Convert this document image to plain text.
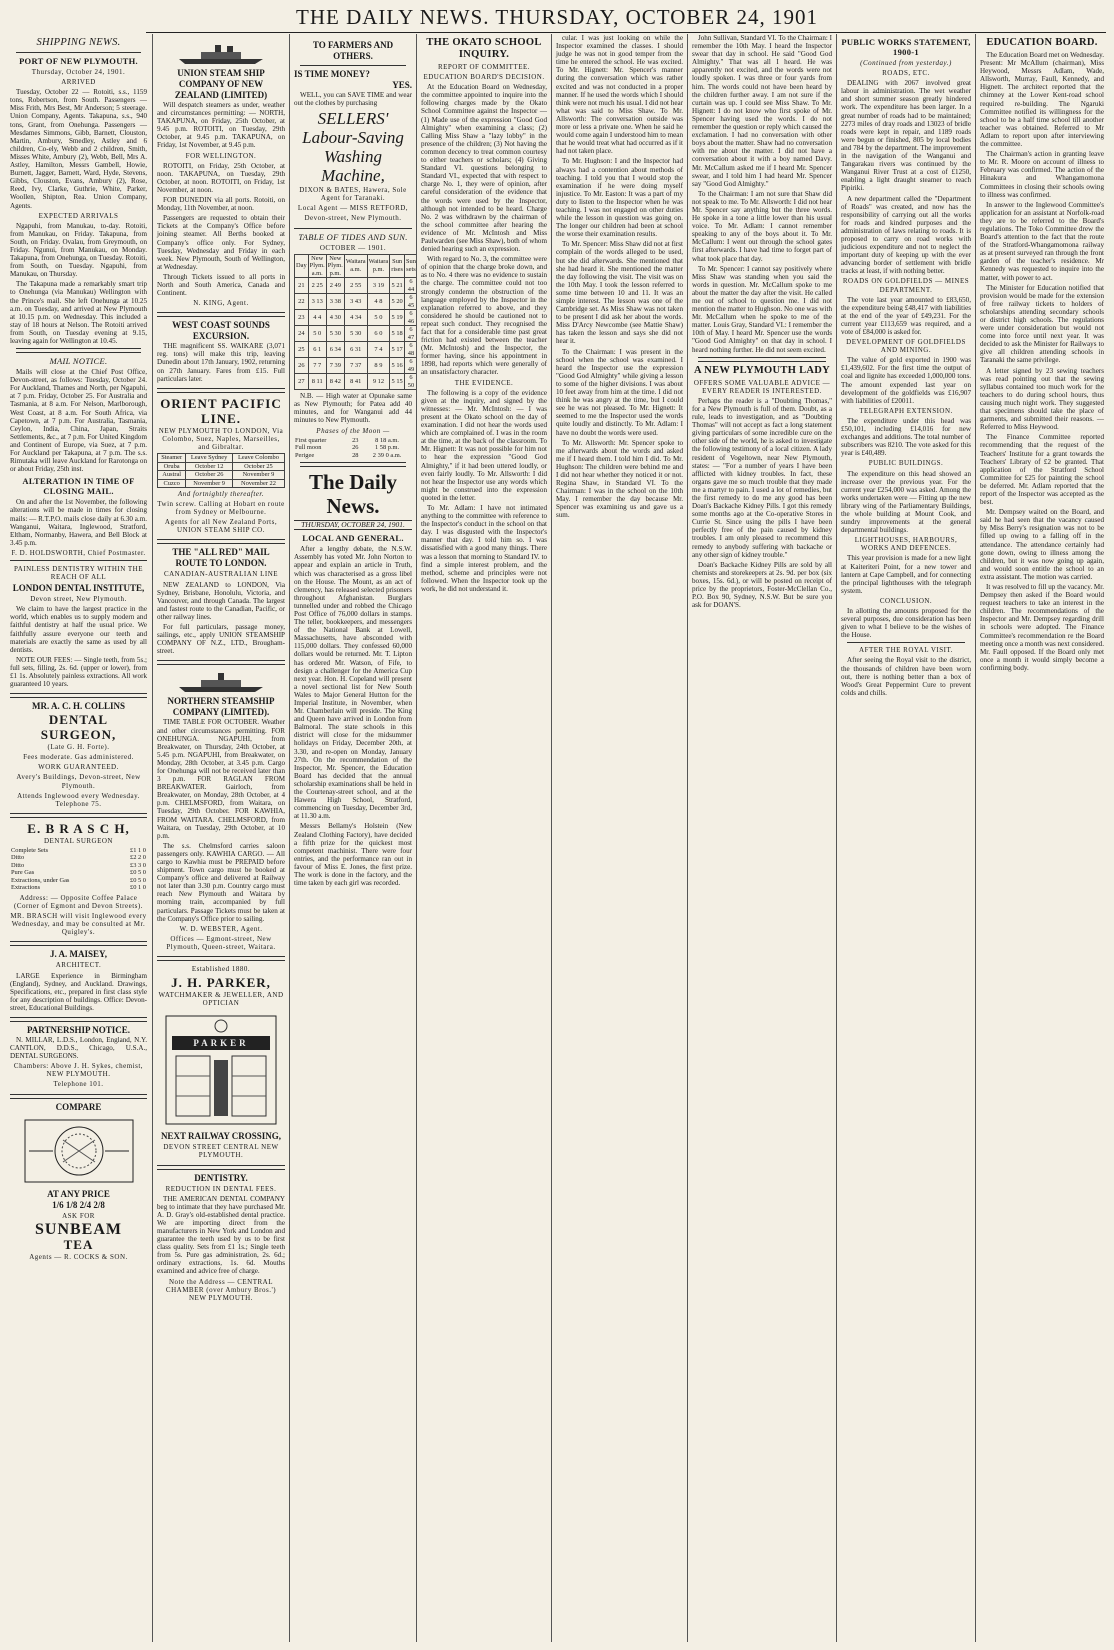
THE DAILY NEWS. THURSDAY, OCTOBER 24, 1901
SHIPPING NEWS.
PORT OF NEW PLYMOUTH.
Thursday, October 24, 1901.
ARRIVED

Tuesday, October 22 — Rotoiti, s.s., 1159 tons, Robertson, from South. Passengers — Miss Frith, Mrs Best, Mr Anderson; 5 steerage. Union Company, Agents. Takapuna, s.s., 940 tons, Grant, from Onehunga. Passengers — Mesdames Simmons, Gibb, Barnett, Clouston, Martin, Ambury, Smedley, Astley and 6 children, Co-ely, Webb and 2 children, Smith, Misses White, Ambury (2), Webb, Bell, Mrs A. Astley, Hamilton, Messrs Gambell, Howie, Burnett, Jagger, Barnett, Ward, Hyde, Stevens, Gibbs, Clouston, Evans, Ambury (2), Rose, Reed, Ivy, Clarke, Guthrie, White, Parker, Woollen, Shipton, Rea. Union Company, Agents.

EXPECTED ARRIVALS

Ngapuhi, from Manukau, to-day. Rotoiti, from Manukau, on Friday. Takapuna, from South, on Friday. Ovalau, from Greymouth, on Friday. Ngunui, from Manukau, on Monday. Takapuna, from Onehunga, on Tuesday. Rotoiti, from South, on Tuesday. Ngapuhi, from Manukau, on Thursday.

The Takapuna made a remarkably smart trip to Onehunga (via Manukau) Wellington with the Prince's mail. She left Onehunga at 10.25 a.m. on Tuesday, and arrived at New Plymouth at 10.15 p.m. on Wednesday. This included a stay of 18 hours at Nelson. The Rotoiti arrived from South, on Tuesday evening at 9.15, leaving again for Wellington at 10.45.

MAIL NOTICE.

Mails will close at the Chief Post Office, Devon-street, as follows: Tuesday, October 24. For Auckland, Thames and North, per Ngapuhi, at 7 p.m. Friday, October 25. For Australia and Tasmania, at 8 a.m. For Nelson, Marlborough, West Coast, at 8 a.m. For South Africa, via Capetown, at 7 p.m. For Australia, Tasmania, Ceylon, India, China, Japan, Straits Settlements, &c., at 7 p.m. For United Kingdom and Continent of Europe, via Suez, at 7 p.m. For Auckland per Takapuna, at 7 p.m. The s.s. Rimutaka will leave Auckland for Rarotonga on or about Friday, 25th inst.

ALTERATION IN TIME OF CLOSING MAIL.

On and after the 1st November, the following alterations will be made in times for closing mails: — R.T.P.O. mails close daily at 6.30 a.m. Wanganui, Waitara, Inglewood, Stratford, Eltham, Normanby, Hawera, and Bell Block at 3.45 p.m.

F. D. HOLDSWORTH, Chief Postmaster.
PAINLESS DENTISTRY WITHIN THE REACH OF ALL
LONDON DENTAL INSTITUTE,
Devon street, New Plymouth.

We claim to have the largest practice in the world, which enables us to supply modern and faithful dentistry at half the usual price. We faithfully assure everyone our teeth and materials are exactly the same as used by all dentists.

NOTE OUR FEES: — Single teeth, from 5s.; full sets, filling, 2s. 6d. (upper or lower), from £1 1s. Absolutely painless extractions. All work guaranteed 10 years.

MR. A. C. H. COLLINS
DENTAL SURGEON,
(Late G. H. Forte).
Fees moderate. Gas administered.
WORK GUARANTEED.
Avery's Buildings, Devon-street, New Plymouth.
Attends Inglewood every Wednesday. Telephone 75.
E. B R A S C H,
DENTAL SURGEON
Complete Sets	£1 1 0
Ditto	£2 2 0
Ditto	£3 3 0
Pure Gas	£0 5 0
Extractions, under Gas	£0 5 0
Extractions	£0 1 0
Address: — Opposite Coffee Palace (Corner of Egmont and Devon Streets).
MR. BRASCH will visit Inglewood every Wednesday, and may be consulted at Mr. Quigley's.
J. A. MAISEY,
ARCHITECT.

LARGE Experience in Birmingham (England), Sydney, and Auckland. Drawings, Specifications, etc., prepared in first class style for any description of buildings. Office: Devon-street, Educational Buildings.

PARTNERSHIP NOTICE.

N. MILLAR, L.D.S., London, England, N.Y. CANTLON, D.D.S., Chicago, U.S.A., DENTAL SURGEONS.

Chambers: Above J. H. Sykes, chemist, NEW PLYMOUTH.
Telephone 101.
COMPARE
AT ANY PRICE
1/6 1/8 2/4 2/8
ASK FOR
SUNBEAM
TEA
Agents — R. COCKS & SON.
UNION STEAM SHIP COMPANY OF NEW ZEALAND (LIMITED)

Will despatch steamers as under, weather and circumstances permitting: — NORTH, TAKAPUNA, on Friday, 25th October, at 9.45 p.m. ROTOITI, on Tuesday, 29th October, at 9.45 p.m. TAKAPUNA, on Friday, 1st November, at 9.45 p.m.

FOR WELLINGTON.

ROTOITI, on Friday, 25th October, at noon. TAKAPUNA, on Tuesday, 29th October, at noon. ROTOITI, on Friday, 1st November, at noon.

FOR DUNEDIN via all ports. Rotoiti, on Monday, 11th November, at noon.

Passengers are requested to obtain their Tickets at the Company's Office before joining steamer. All Berths booked at Company's office only. For Sydney, Tuesday, Wednesday and Friday in each week. New Plymouth, South of Wellington, at Wednesday.

Through Tickets issued to all ports in North and South America, Canada and Continent.

N. KING, Agent.
WEST COAST SOUNDS EXCURSION.

THE magnificent SS. WAIKARE (3,071 reg. tons) will make this trip, leaving Dunedin about 17th January, 1902, returning on 27th January. Fares from £15. Full particulars later.

ORIENT PACIFIC LINE.
NEW PLYMOUTH TO LONDON, Via Colombo, Suez, Naples, Marseilles, and Gibraltar.
Steamer	Leave Sydney	Leave Colombo
Oruba	October 12	October 25
Austral	October 26	November 9
Cuzco	November 9	November 22
And fortnightly thereafter.
Twin screw. Calling at Hobart en route from Sydney or Melbourne.
Agents for all New Zealand Ports, UNION STEAM SHIP CO.
THE "ALL RED" MAIL ROUTE TO LONDON.
CANADIAN-AUSTRALIAN LINE

NEW ZEALAND to LONDON, Via Sydney, Brisbane, Honolulu, Victoria, and Vancouver, and through Canada. The largest and fastest route to the Canadian, Pacific, or other railway lines.

For full particulars, passage money, sailings, etc., apply UNION STEAMSHIP COMPANY OF N.Z., LTD., Brougham-street.

NORTHERN STEAMSHIP COMPANY (LIMITED).

TIME TABLE FOR OCTOBER. Weather and other circumstances permitting. FOR ONEHUNGA. NGAPUHI, from Breakwater, on Thursday, 24th October, at 5.45 p.m. NGAPUHI, from Breakwater, on Monday, 28th October, at 3.45 p.m. Cargo for Onehunga will not be received later than 3 p.m. FOR RAGLAN FROM BREAKWATER. Gairloch, from Breakwater, on Monday, 28th October, at 4 p.m. CHELMSFORD, from Waitara, on Tuesday, 29th October. FOR KAWHIA, FROM WAITARA. CHELMSFORD, from Waitara, on Tuesday, 29th October, at 10 p.m.

The s.s. Chelmsford carries saloon passengers only. KAWHIA CARGO. — All cargo to Kawhia must be PREPAID before shipment. Town cargo must be booked at Company's office and delivered at Railway not later than 3.30 p.m. Country cargo must reach New Plymouth and Waitara by morning train, accompanied by full particulars. Passage Tickets must be taken at the Company's Office prior to sailing.

W. D. WEBSTER, Agent.
Offices — Egmont-street, New Plymouth, Queen-street, Waitara.
Established 1880.
J. H. PARKER,
WATCHMAKER & JEWELLER, AND OPTICIAN
PARKER
NEXT RAILWAY CROSSING,
DEVON STREET CENTRAL NEW PLYMOUTH.
DENTISTRY.
REDUCTION IN DENTAL FEES.

THE AMERICAN DENTAL COMPANY beg to intimate that they have purchased Mr. A. D. Gray's old-established dental practice. We are importing direct from the manufacturers in New York and London and guarantee the teeth used by us to be first class quality. Sets from £1 1s.; Single teeth from 5s. Pure gas administration, 2s. 6d.; ordinary extractions, 1s. 6d. Mouths examined and advice free of charge.

Note the Address — CENTRAL CHAMBER (over Ambury Bros.') NEW PLYMOUTH.
TO FARMERS AND OTHERS.
IS TIME MONEY?
YES.

WELL, you can SAVE TIME and wear out the clothes by purchasing

SELLERS' Labour-Saving
Washing Machine,
DIXON & BATES, Hawera, Sole Agent for Taranaki.
Local Agent — MISS RETFORD,
Devon-street, New Plymouth.
TABLE OF TIDES AND SUN.
OCTOBER — 1901.
Day	New Plym. a.m.	New Plym. p.m.	Waitara a.m.	Waitara p.m.	Sun rises	Sun sets
21	2 25	2 49	2 55	3 19	5 21	6 44
22	3 13	3 38	3 43	4 8	5 20	6 45
23	4 4	4 30	4 34	5 0	5 19	6 46
24	5 0	5 30	5 30	6 0	5 18	6 47
25	6 1	6 34	6 31	7 4	5 17	6 48
26	7 7	7 39	7 37	8 9	5 16	6 49
27	8 11	8 42	8 41	9 12	5 15	6 50

N.B. — High water at Opunake same as New Plymouth; for Patea add 40 minutes, and for Wanganui add 44 minutes to New Plymouth.

Phases of the Moon —
First quarter	23	8 18 a.m.
Full moon	26	1 58 p.m.
Perigee	28	2 39 0 a.m.
The Daily News.
THURSDAY, OCTOBER 24, 1901.
LOCAL AND GENERAL.

After a lengthy debate, the N.S.W. Assembly has voted Mr. John Norton to appear and explain an article in Truth, which was characterised as a gross libel on the House. The Mount, as an act of clemency, has released selected prisoners throughout Afghanistan. Burglars tunnelled under and robbed the Chicago Post Office of 76,000 dollars in stamps. The teller, bookkeepers, and messengers of the National Bank at Lowell, Massachusetts, have absconded with 115,000 dollars. They confessed 60,000 dollars would be returned. Mr. T. Lipton has ordered Mr. Watson, of Fife, to design a challenger for the America Cup next year. Hon. H. Copeland will present a novel sectional list for New South Wales to Major General Hutton for the Imperial Institute, in November, when Mr. Chamberlain will preside. The King and Queen have arrived in London from Balmoral. The state schools in this district will close for the midsummer holidays on Friday, December 20th, at 3.30, and re-open on Monday, January 27th. On the recommendation of the Inspector, Mr. Spencer, the Education Board has decided that the annual scholarship examinations shall be held in the Courtenay-street school, and at the Hawera High School, Stratford, commencing on Tuesday, December 3rd, at 11.30 a.m.

Messrs Bellamy's Holstein (New Zealand Clothing Factory), have decided a fifth prize for the quickest most competent machinist. There were four entries, and the performance ran out in favour of Miss E. Jones, the first prize. The work is done in the factory, and the time taken by each girl was recorded.

THE OKATO SCHOOL INQUIRY.
REPORT OF COMMITTEE.
EDUCATION BOARD'S DECISION.

At the Education Board on Wednesday, the committee appointed to inquire into the following charges made by the Okato School Committee against the Inspector — (1) Made use of the expression "Good God Almighty" when examining a class; (2) Calling Miss Shaw a "lazy lobby" in the presence of the children; (3) Not having the common decency to treat common courtesy to either teachers or scholars; (4) Giving Standard VI. questions belonging to Standard VI., expected that with respect to charge No. 1, they were of opinion, after careful consideration of the evidence that the words were used by the Inspector, although not intended to be heard. Charge No. 2 was withdrawn by the chairman of the school committee after hearing the evidence of Mr. McIntosh and Miss Paulwarden (see Miss Shaw), both of whom denied hearing such an expression.

With regard to No. 3, the committee were of opinion that the charge broke down, and as to No. 4 there was no evidence to sustain the charge. The committee could not too strongly condemn the obstruction of the language employed by the Inspector in the explanation referred to above, and they considered he should be cautioned not to repeat such conduct. They recognised the fact that for a considerable time past great friction had existed between the teacher (Mr. McIntosh) and the Inspector, the former having, since his appointment in 1898, had reports which were generally of an unsatisfactory character.

THE EVIDENCE.

The following is a copy of the evidence given at the inquiry, and signed by the witnesses: — Mr. McIntosh: — I was present at the Okato school on the day of examination. I did not hear the words used which are complained of. I was in the room at the time, at the back of the classroom. To Mr. Hignett: It was not possible for him not to hear the expression "Good God Almighty," if it had been uttered loudly, or even fairly loudly. To Mr. Allsworth: I did not hear the Inspector use any words which might be construed into the expression quoted in the letter.

To Mr. Adlam: I have not intimated anything to the committee with reference to the Inspector's conduct in the school on that day. I was disgusted with the Inspector's manner that day. I told him so. I was dissatisfied with a good many things. There was a lesson that morning to Standard IV. to find a simple interest problem, and the method, scheme and principles were not followed. When the Inspector took up the work, he did not understand it.

cular. I was just looking on while the Inspector examined the classes. I should judge he was not in good temper from the time he entered the school. He was excited. To Mr. Hignett: Mr. Spencer's manner during the conversation which was rather excited and was not conducted in a proper manner. If he used the words which I should think were not much his usual. I did not hear what was said to Miss Shaw. To Mr. Allsworth: The conversation outside was more or less a private one. When he said he would come again I understood him to mean that he would treat what had occurred as if it had not taken place.

To Mr. Hughson: I and the Inspector had always had a contention about methods of teaching. I told you that I would stop the examination if he were doing myself injustice. To Mr. Easton: It was a part of my duty to listen to the Inspector when he was teaching. I was not engaged on other duties while the lesson in question was going on. The longer our children had been at school the worse their examination results.

To Mr. Spencer: Miss Shaw did not at first complain of the words alleged to be used, but she did afterwards. She mentioned that she had heard it. She mentioned the matter the day following the visit. The visit was on the 10th May. I took the lesson referred to some time between 10 and 11. It was an simple interest. The lesson was one of the Cambridge set. As Miss Shaw was not taken to be present I did ask her about the words. Miss D'Arcy Newcombe (see Mattie Shaw) has taken the lesson and says she did not hear it.

To the Chairman: I was present in the school when the school was examined. I heard the Inspector use the expression "Good God Almighty" while giving a lesson to some of the higher divisions. I was about 10 feet away from him at the time. I did not think he was angry at the time, but I could see he was not pleased. To Mr. Hignett: It seemed to me the Inspector used the words quite loudly and distinctly. To Mr. Adlam: I have no doubt the words were used.

To Mr. Allsworth: Mr. Spencer spoke to me afterwards about the words and asked me if I heard them. I told him I did. To Mr. Hughson: The children were behind me and I did not hear whether they noticed it or not. Regina Shaw, in Standard VI. To the Chairman: I was in the school on the 10th May. I remember the day because Mr. Spencer was examining us and gave us a sum.

John Sullivan, Standard VI. To the Chairman: I remember the 10th May. I heard the Inspector swear that day in school. He said "Good God Almighty." That was all I heard. He was apparently not excited, and the words were not loudly spoken. I was three or four yards from him. The words could not have been heard by the children further away. I am not sure if the curtain was up. I could see Miss Shaw. To Mr. Hignett: I do not know who first spoke of Mr. Spencer having used the words. I do not remember the question or reply which caused the exclamation. I had no conversation with other boys about the matter. Shaw had no conversation with me about the matter. I did not have a conversation about it with a boy named Davy. Mr. McCallum asked me if I heard Mr. Spencer swear, and I told him I had heard Mr. Spencer say "Good God Almighty."

To the Chairman: I am not sure that Shaw did not speak to me. To Mr. Allsworth: I did not hear Mr. Spencer say anything but the three words. He spoke in a tone a little lower than his usual voice. To Mr. Adlam: I cannot remember speaking to any of the boys about it. To Mr. McCallum: I went out through the school gates first afterwards. I have had time to forget part of what took place that day.

To Mr. Spencer: I cannot say positively where Miss Shaw was standing when you said the words in question. Mr. McCallum spoke to me about the matter the day after the visit. He called me out of school to question me. I did not mention the matter to Hughson. No one was with Mr. McCallum when he spoke to me of the matter. Louis Gray, Standard VI.: I remember the 10th of May. I heard Mr. Spencer use the words "Good God Almighty" on that day in school. I heard nothing further. He did not seem excited.

A NEW PLYMOUTH LADY
OFFERS SOME VALUABLE ADVICE — EVERY READER IS INTERESTED.

Perhaps the reader is a "Doubting Thomas," for a New Plymouth is full of them. Doubt, as a rule, leads to investigation, and as "Doubting Thomas" will not accept as fact a long statement giving particulars of some incredible cure on the other side of the world, he is asked to investigate the following testimony of a local citizen. A lady resident of Vogeltown, near New Plymouth, states: — "For a number of years I have been afflicted with kidney troubles. In fact, these organs gave me so much trouble that they made me a martyr to pain. I used a lot of remedies, but the first remedy to do me any good has been Doan's Backache Kidney Pills. I got this remedy some months ago at the Co-operative Stores in Currie St. Since using the pills I have been perfectly free of the pain caused by kidney troubles. I am only pleased to recommend this remedy to anybody suffering with backache or any other sign of kidney trouble."

Doan's Backache Kidney Pills are sold by all chemists and storekeepers at 2s. 9d. per box (six boxes, 15s. 6d.), or will be posted on receipt of price by the proprietors, Foster-McClellan Co., P.O. Box 90, Sydney, N.S.W. But be sure you ask for DOAN'S.

PUBLIC WORKS STATEMENT, 1900-1
(Continued from yesterday.)
ROADS, ETC.

DEALING with 2067 involved great labour in administration. The wet weather and short summer season greatly hindered work. The expenditure has been larger. In a great number of roads had to be maintained; 2273 miles of dray roads and 13023 of bridle roads were kept in repair, and 1189 roads were begun or finished, 805 by local bodies and 784 by the department. The improvement in the navigation of the Wanganui and Tangarakau rivers was continued by the Wanganui River Trust at a cost of £1250, enabling a light draught steamer to reach Pipiriki.

A new department called the "Department of Roads" was created, and now has the responsibility of carrying out all the works for roads and kindred purposes and the administration of laws relating to roads. It is proposed to carry on road works with judicious expenditure and not to neglect the important duty of keeping up with the ever advancing border of settlement with bridle tracks at least, if with nothing better.

ROADS ON GOLDFIELDS — MINES DEPARTMENT.

The vote last year amounted to £83,650, the expenditure being £48,417 with liabilities at the end of the year of £49,231. For the current year £113,659 was required, and a vote of £84,000 is asked for.

DEVELOPMENT OF GOLDFIELDS AND MINING.

The value of gold exported in 1900 was £1,439,602. For the first time the output of coal and lignite has exceeded 1,000,000 tons. The amount expended last year on development of the goldfields was £16,907 with liabilities of £20011.

TELEGRAPH EXTENSION.

The expenditure under this head was £50,101, including £14,016 for new exchanges and additions. The total number of subscribers was 8210. The vote asked for this year is £40,489.

PUBLIC BUILDINGS.

The expenditure on this head showed an increase over the previous year. For the current year £254,000 was asked. Among the works undertaken were — Fitting up the new library wing of the Parliamentary Buildings, the whole building at Mount Cook, and sundry improvements at the general departmental buildings.

LIGHTHOUSES, HARBOURS, WORKS AND DEFENCES.

This year provision is made for a new light at Kaiteriteri Point, for a new tower and lantern at Cape Campbell, and for connecting the principal lighthouses with the telegraph system.

CONCLUSION.

In allotting the amounts proposed for the several purposes, due consideration has been given to what I believe to be the wishes of the House.

AFTER THE ROYAL VISIT.

After seeing the Royal visit to the district, the thousands of children have been worn out, there is nothing better than a box of Wood's Great Peppermint Cure to prevent colds and chills.

EDUCATION BOARD.

The Education Board met on Wednesday. Present: Mr McAllum (chairman), Miss Heywood, Messrs Adlam, Wade, Allsworth, Murray, Faull, Kennedy, and Hignett. The architect reported that the chimney at the Lower Kent-road school required re-building. The Ngaruki Committee notified its willingness for the school to be a half time school till another teacher was obtained. Referred to Mr Adlam to report upon after interviewing the committee.

The Chairman's action in granting leave to Mr. R. Moore on account of illness to February was confirmed. The action of the Hinakura and Whangamomona Committees in closing their schools owing to illness was confirmed.

In answer to the Inglewood Committee's application for an assistant at Norfolk-road they are to be referred to the Board's regulations. The Toko Committee drew the Board's attention to the fact that the route of the Stratford-Whangamomona railway as at present surveyed ran through the front garden of the teacher's residence. Mr Kennedy was requested to inquire into the matter, with power to act.

The Minister for Education notified that provision would be made for the extension of free railway tickets to holders of scholarships attending secondary schools or district high schools. The regulations were under consideration but would not come into force until next year. It was decided to ask the Minister for Railways to give all children attending schools in Taranaki the same privilege.

A letter signed by 23 sewing teachers was read pointing out that the sewing syllabus contained too much work for the teachers to do during school hours, thus causing much night work. They suggested that specimens should take the place of garments, and submitted their reasons. — Referred to Miss Heywood.

The Finance Committee reported recommending that the request of the Teachers' Institute for a grant towards the Teachers' Library of £2 be granted. That application of the Stratford School Committee for £25 for painting the school be deferred. Mr. Adlam reported that the report of the Inspector was accepted as the best.

Mr. Dempsey waited on the Board, and said he had seen that the vacancy caused by Miss Berry's resignation was not to be filled up owing to a falling off in the attendance. The attendance certainly had gone down, owing to illness among the children, but it was now going up again, and would soon entitle the school to an extra assistant. The motion was carried.

It was resolved to fill up the vacancy. Mr. Dempsey then asked if the Board would request teachers to take an interest in the children. The recommendations of the Inspector and Mr. Dempsey regarding drill in schools were adopted. The Finance Committee's recommendation re the Board meeting once a month was next considered. Mr. Faull opposed. If the Board only met once a month it would simply become a confirming body.
